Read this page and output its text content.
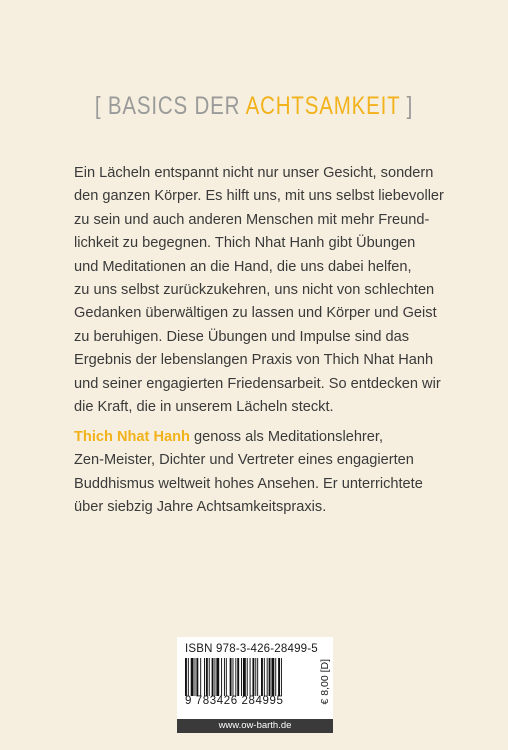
[ BASICS DER ACHTSAMKEIT ]

Ein Lächeln entspannt nicht nur unser Gesicht, sondern
den ganzen Körper. Es hilft uns, mit uns selbst liebevoller
zu sein und auch anderen Menschen mit mehr Freund-
lichkeit zu begegnen. Thich Nhat Hanh gibt Übungen
und Meditationen an die Hand, die uns dabei helfen,
zu uns selbst zurückzukehren, uns nicht von schlechten
Gedanken überwältigen zu lassen und Körper und Geist
zu beruhigen. Diese Übungen und Impulse sind das
Ergebnis der lebenslangen Praxis von Thich Nhat Hanh
und seiner engagierten Friedensarbeit. So entdecken wir
die Kraft, die in unserem Lächeln steckt.

Thich Nhat Hanh genoss als Meditationslehrer,
Zen-Meister, Dichter und Vertreter eines engagierten
Buddhismus weltweit hohes Ansehen. Er unterrichtete
über siebzig Jahre Achtsamkeitspraxis.

ISBN 978-3-426-28499-5
9 783426 284995	€ 8,00 [D]
www.ow-barth.de
